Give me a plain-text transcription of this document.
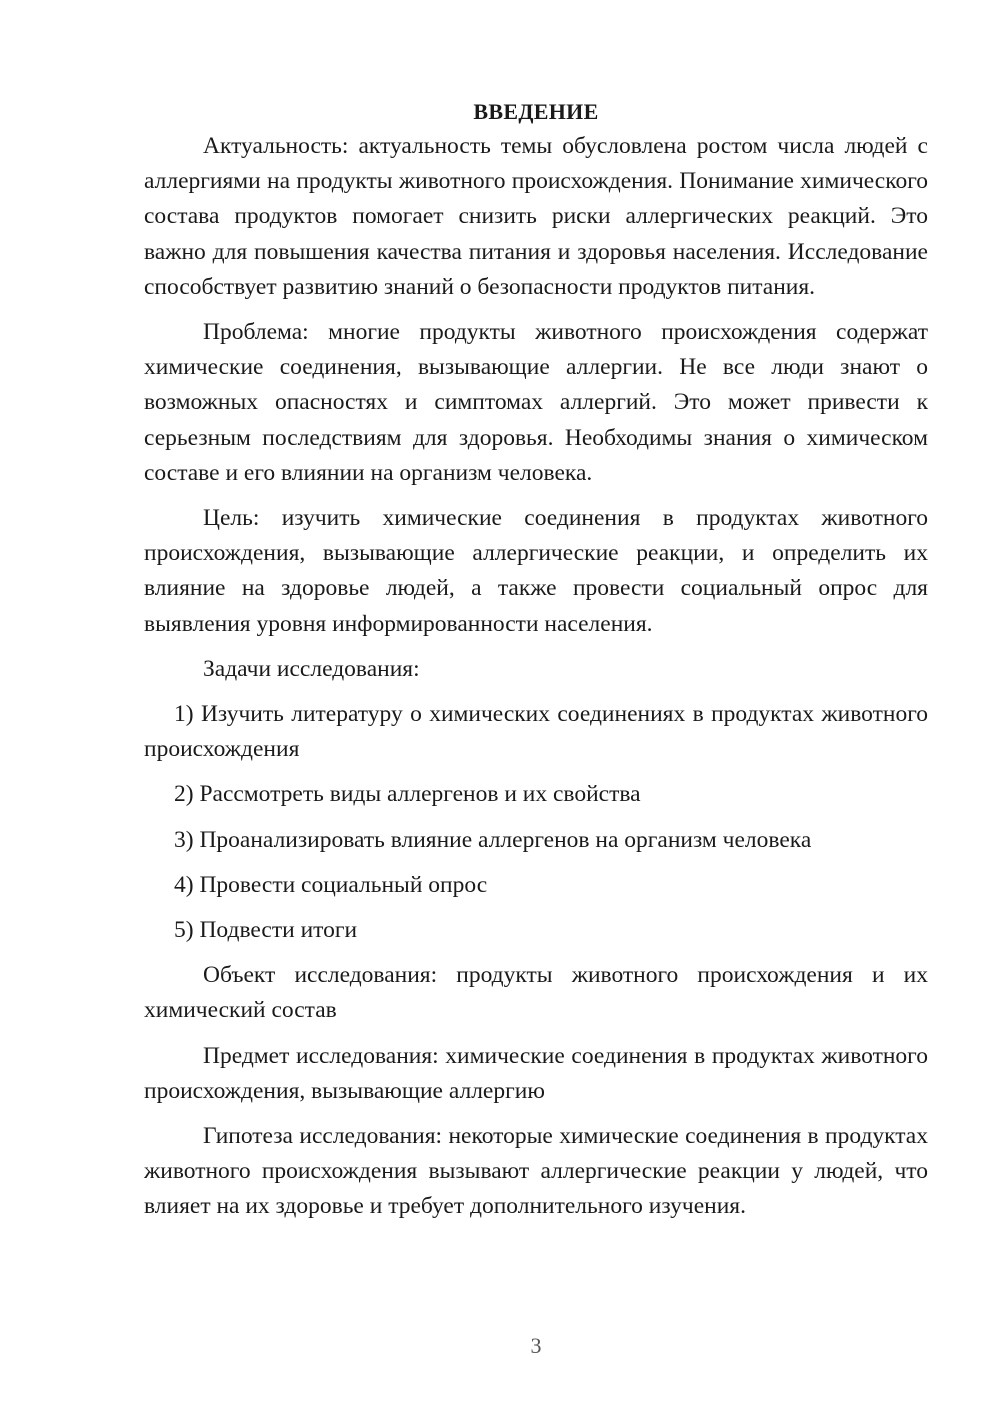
ВВЕДЕНИЕ

Актуальность: актуальность темы обусловлена ростом числа людей с аллергиями на продукты животного происхождения. Понимание химического состава продуктов помогает снизить риски аллергических реакций. Это важно для повышения качества питания и здоровья населения. Исследование способствует развитию знаний о безопасности продуктов питания.

Проблема: многие продукты животного происхождения содержат химические соединения, вызывающие аллергии. Не все люди знают о возможных опасностях и симптомах аллергий. Это может привести к серьезным последствиям для здоровья. Необходимы знания о химическом составе и его влиянии на организм человека.

Цель: изучить химические соединения в продуктах животного происхождения, вызывающие аллергические реакции, и определить их влияние на здоровье людей, а также провести социальный опрос для выявления уровня информированности населения.

Задачи исследования:

1) Изучить литературу о химических соединениях в продуктах животного происхождения

2) Рассмотреть виды аллергенов и их свойства

3) Проанализировать влияние аллергенов на организм человека

4) Провести социальный опрос

5) Подвести итоги

Объект исследования: продукты животного происхождения и их химический состав

Предмет исследования: химические соединения в продуктах животного происхождения, вызывающие аллергию

Гипотеза исследования: некоторые химические соединения в продуктах животного происхождения вызывают аллергические реакции у людей, что влияет на их здоровье и требует дополнительного изучения.

3
